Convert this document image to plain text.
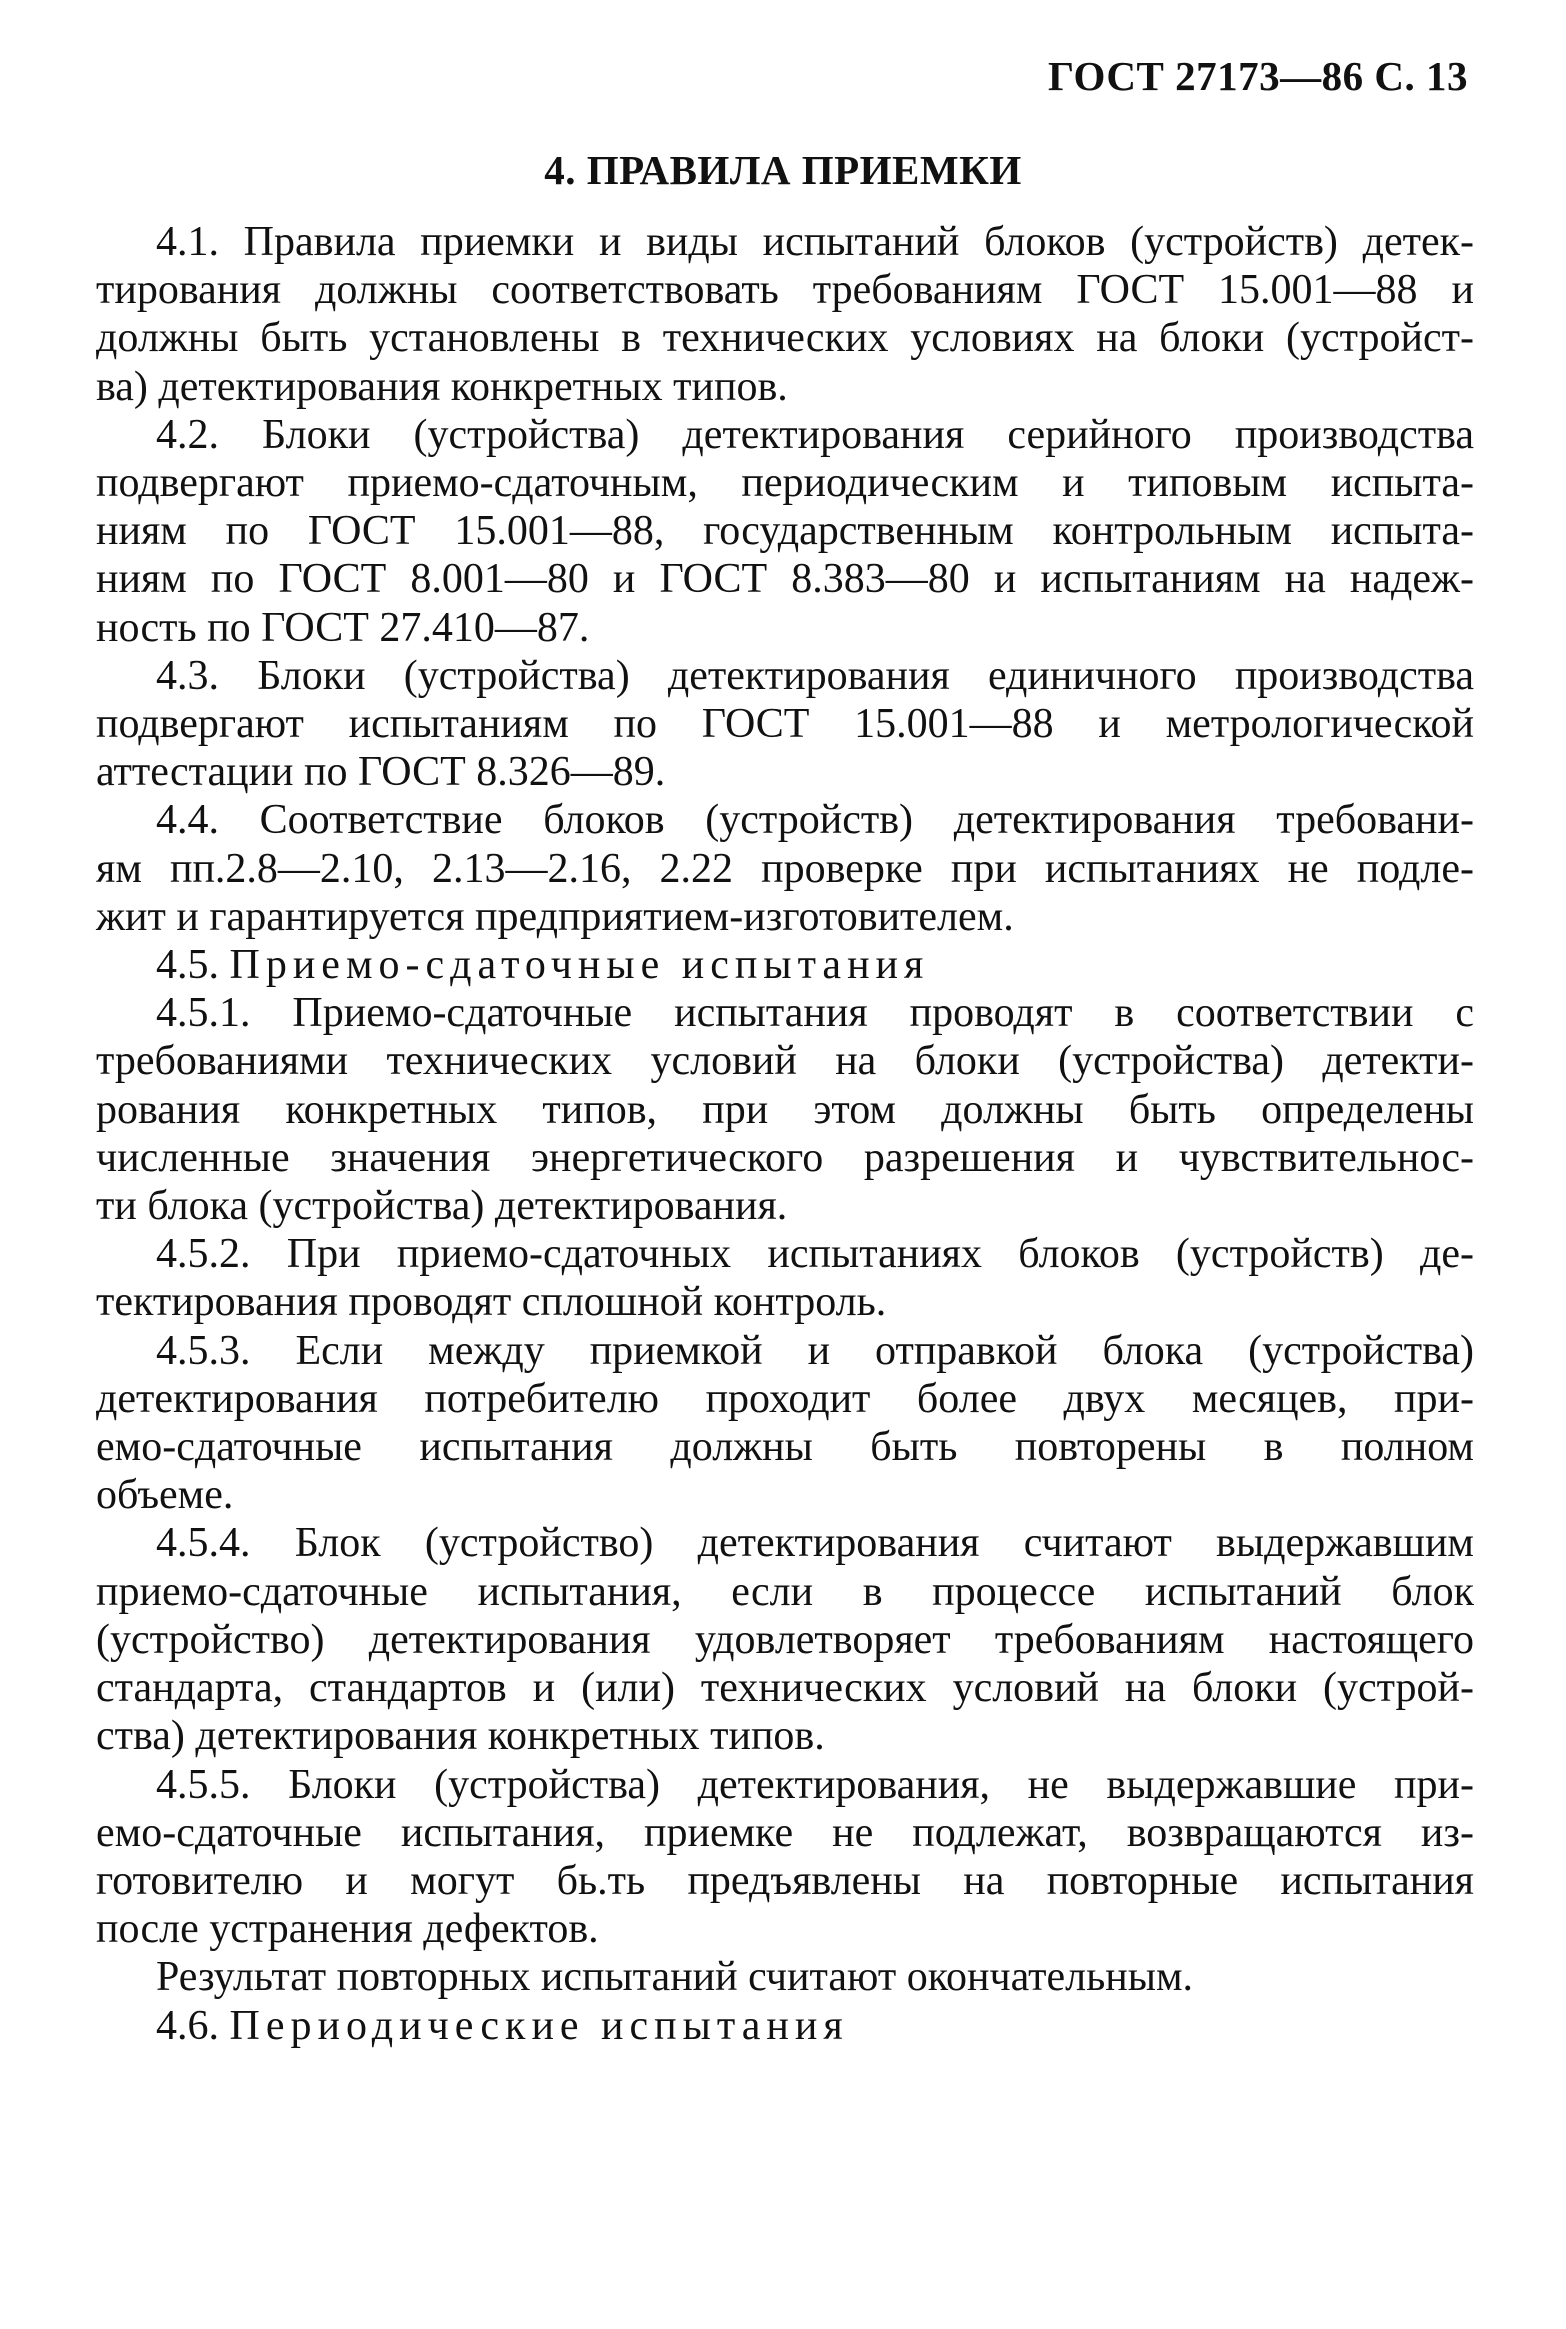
ГОСТ 27173—86 С. 13
4. ПРАВИЛА ПРИЕМКИ

4.1. Правила приемки и виды испытаний блоков (устройств) детек-
тирования должны соответствовать требованиям ГОСТ 15.001—88 и
должны быть установлены в технических условиях на блоки (устройст-
ва) детектирования конкретных типов.

4.2. Блоки (устройства) детектирования серийного производства
подвергают приемо-сдаточным, периодическим и типовым испыта-
ниям по ГОСТ 15.001—88, государственным контрольным испыта-
ниям по ГОСТ 8.001—80 и ГОСТ 8.383—80 и испытаниям на надеж-
ность по ГОСТ 27.410—87.

4.3. Блоки (устройства) детектирования единичного производства
подвергают испытаниям по ГОСТ 15.001—88 и метрологической
аттестации по ГОСТ 8.326—89.

4.4. Соответствие блоков (устройств) детектирования требовани-
ям пп.2.8—2.10, 2.13—2.16, 2.22 проверке при испытаниях не подле-
жит и гарантируется предприятием-изготовителем.

4.5. Приемо-сдаточные испытания

4.5.1. Приемо-сдаточные испытания проводят в соответствии с
требованиями технических условий на блоки (устройства) детекти-
рования конкретных типов, при этом должны быть определены
численные значения энергетического разрешения и чувствительнос-
ти блока (устройства) детектирования.

4.5.2. При приемо-сдаточных испытаниях блоков (устройств) де-
тектирования проводят сплошной контроль.

4.5.3. Если между приемкой и отправкой блока (устройства)
детектирования потребителю проходит более двух месяцев, при-
емо-сдаточные испытания должны быть повторены в полном
объеме.

4.5.4. Блок (устройство) детектирования считают выдержавшим
приемо-сдаточные испытания, если в процессе испытаний блок
(устройство) детектирования удовлетворяет требованиям настоящего
стандарта, стандартов и (или) технических условий на блоки (устрой-
ства) детектирования конкретных типов.

4.5.5. Блоки (устройства) детектирования, не выдержавшие при-
емо-сдаточные испытания, приемке не подлежат, возвращаются из-
готовителю и могут бь.ть предъявлены на повторные испытания
после устранения дефектов.

Результат повторных испытаний считают окончательным.

4.6. Периодические испытания
